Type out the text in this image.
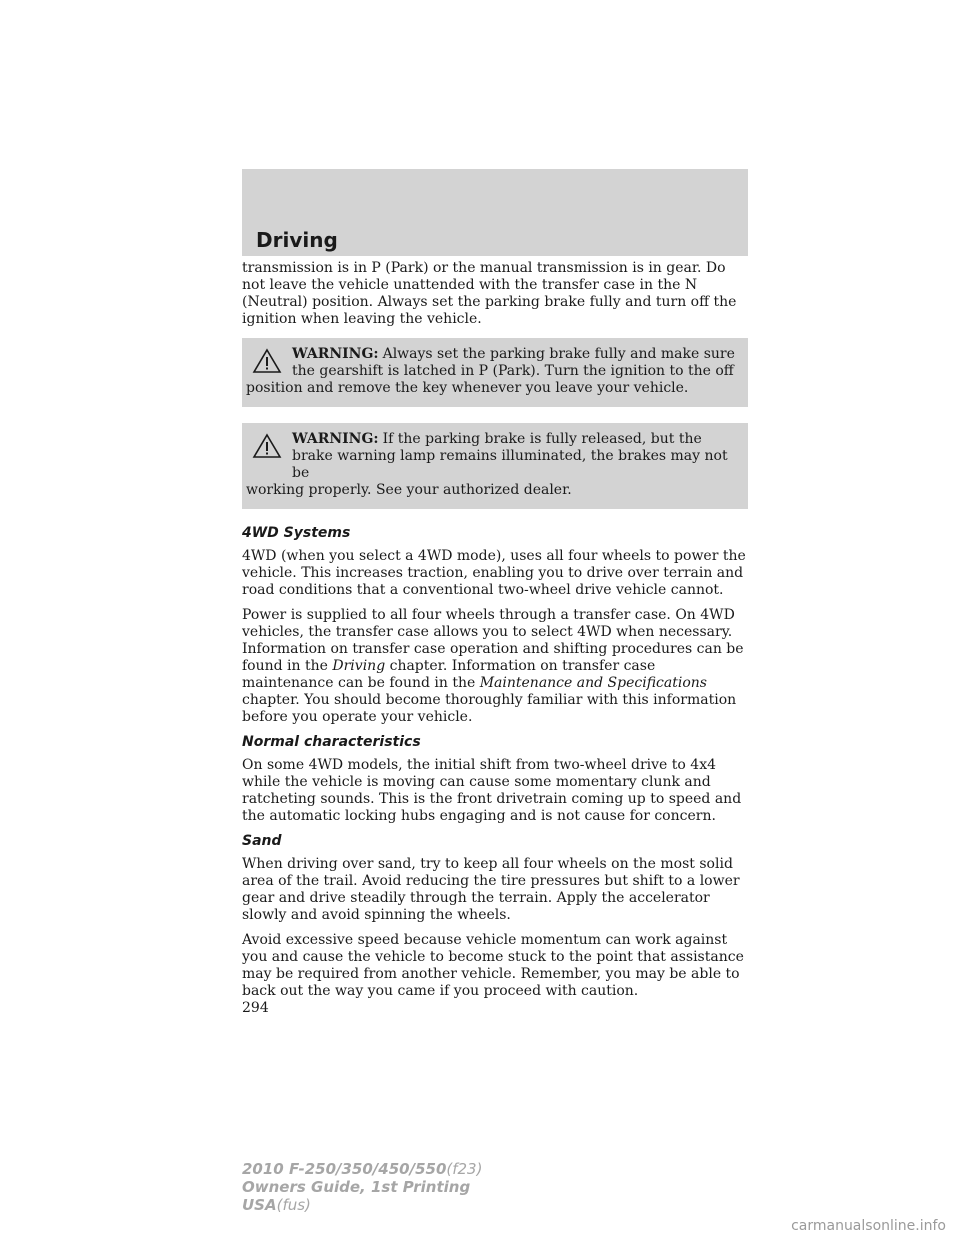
Driving

transmission is in P (Park) or the manual transmission is in gear. Do not leave the vehicle unattended with the transfer case in the N (Neutral) position. Always set the parking brake fully and turn off the ignition when leaving the vehicle.

WARNING: Always set the parking brake fully and make sure the gearshift is latched in P (Park). Turn the ignition to the off
position and remove the key whenever you leave your vehicle.
WARNING: If the parking brake is fully released, but the brake warning lamp remains illuminated, the brakes may not be
working properly. See your authorized dealer.
4WD Systems

4WD (when you select a 4WD mode), uses all four wheels to power the vehicle. This increases traction, enabling you to drive over terrain and road conditions that a conventional two-wheel drive vehicle cannot.

Power is supplied to all four wheels through a transfer case. On 4WD vehicles, the transfer case allows you to select 4WD when necessary. Information on transfer case operation and shifting procedures can be found in the Driving chapter. Information on transfer case maintenance can be found in the Maintenance and Specifications chapter. You should become thoroughly familiar with this information before you operate your vehicle.

Normal characteristics

On some 4WD models, the initial shift from two-wheel drive to 4x4 while the vehicle is moving can cause some momentary clunk and ratcheting sounds. This is the front drivetrain coming up to speed and the automatic locking hubs engaging and is not cause for concern.

Sand

When driving over sand, try to keep all four wheels on the most solid area of the trail. Avoid reducing the tire pressures but shift to a lower gear and drive steadily through the terrain. Apply the accelerator slowly and avoid spinning the wheels.

Avoid excessive speed because vehicle momentum can work against you and cause the vehicle to become stuck to the point that assistance may be required from another vehicle. Remember, you may be able to back out the way you came if you proceed with caution.

294
2010 F-250/350/450/550(f23)
Owners Guide, 1st Printing
USA(fus)
carmanualsonline.info
